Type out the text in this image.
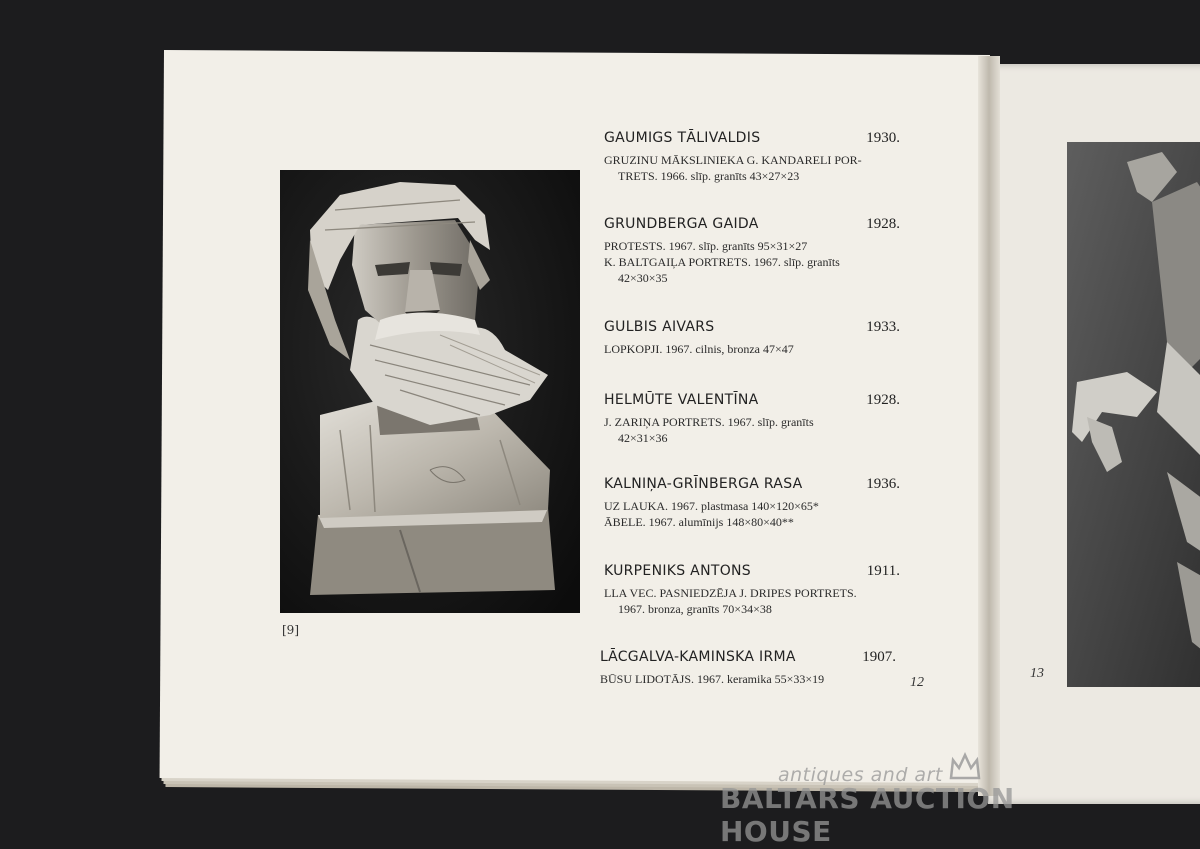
[9]
GAUMIGS TĀLIVALDIS	1930.
GRUZINU MĀKSLINIEKA G. KANDARELI POR-
TRETS. 1966. slīp. granīts 43×27×23
GRUNDBERGA GAIDA	1928.
PROTESTS. 1967. slīp. granīts 95×31×27
K. BALTGAIĻA PORTRETS. 1967. slīp. granīts
42×30×35
GULBIS AIVARS	1933.
LOPKOPJI. 1967. cilnis, bronza 47×47
HELMŪTE VALENTĪNA	1928.
J. ZARIŅA PORTRETS. 1967. slīp. granīts
42×31×36
KALNIŅA-GRĪNBERGA RASA	1936.
UZ LAUKA. 1967. plastmasa 140×120×65*
ĀBELE. 1967. alumīnijs 148×80×40**
KURPENIKS ANTONS	1911.
LLA VEC. PASNIEDZĒJA J. DRIPES PORTRETS.
1967. bronza, granīts 70×34×38
LĀCGALVA-KAMINSKA IRMA	1907.
BŪSU LIDOTĀJS. 1967. keramika 55×33×19	12
13
antiques and art
BALTARS AUCTION HOUSE
